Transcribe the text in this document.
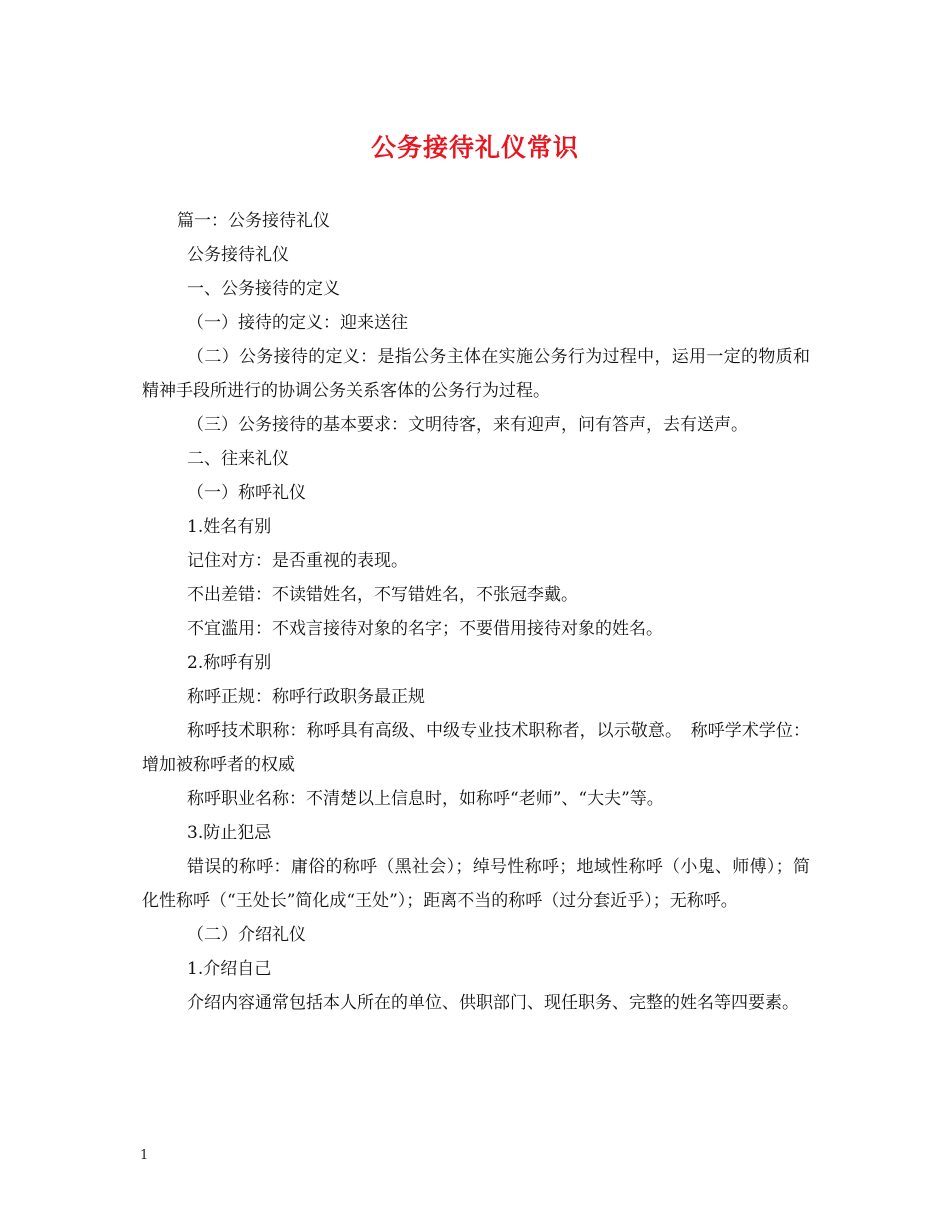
公务接待礼仪常识

篇一：公务接待礼仪

公务接待礼仪

一、公务接待的定义

（一）接待的定义：迎来送往

（二）公务接待的定义：是指公务主体在实施公务行为过程中，运用一定的物质和精神手段所进行的协调公务关系客体的公务行为过程。

（三）公务接待的基本要求：文明待客，来有迎声，问有答声，去有送声。

二、往来礼仪

（一）称呼礼仪

1.姓名有别

记住对方：是否重视的表现。

不出差错：不读错姓名，不写错姓名，不张冠李戴。

不宜滥用：不戏言接待对象的名字；不要借用接待对象的姓名。

2.称呼有别

称呼正规：称呼行政职务最正规

称呼技术职称：称呼具有高级、中级专业技术职称者，以示敬意。　称呼学术学位：增加被称呼者的权威

称呼职业名称：不清楚以上信息时，如称呼“老师”、“大夫”等。

3.防止犯忌

错误的称呼：庸俗的称呼（黑社会）；绰号性称呼；地域性称呼（小鬼、师傅）；简化性称呼（“王处长”简化成“王处”）；距离不当的称呼（过分套近乎）；无称呼。

（二）介绍礼仪

1.介绍自己

介绍内容通常包括本人所在的单位、供职部门、现任职务、完整的姓名等四要素。

1
